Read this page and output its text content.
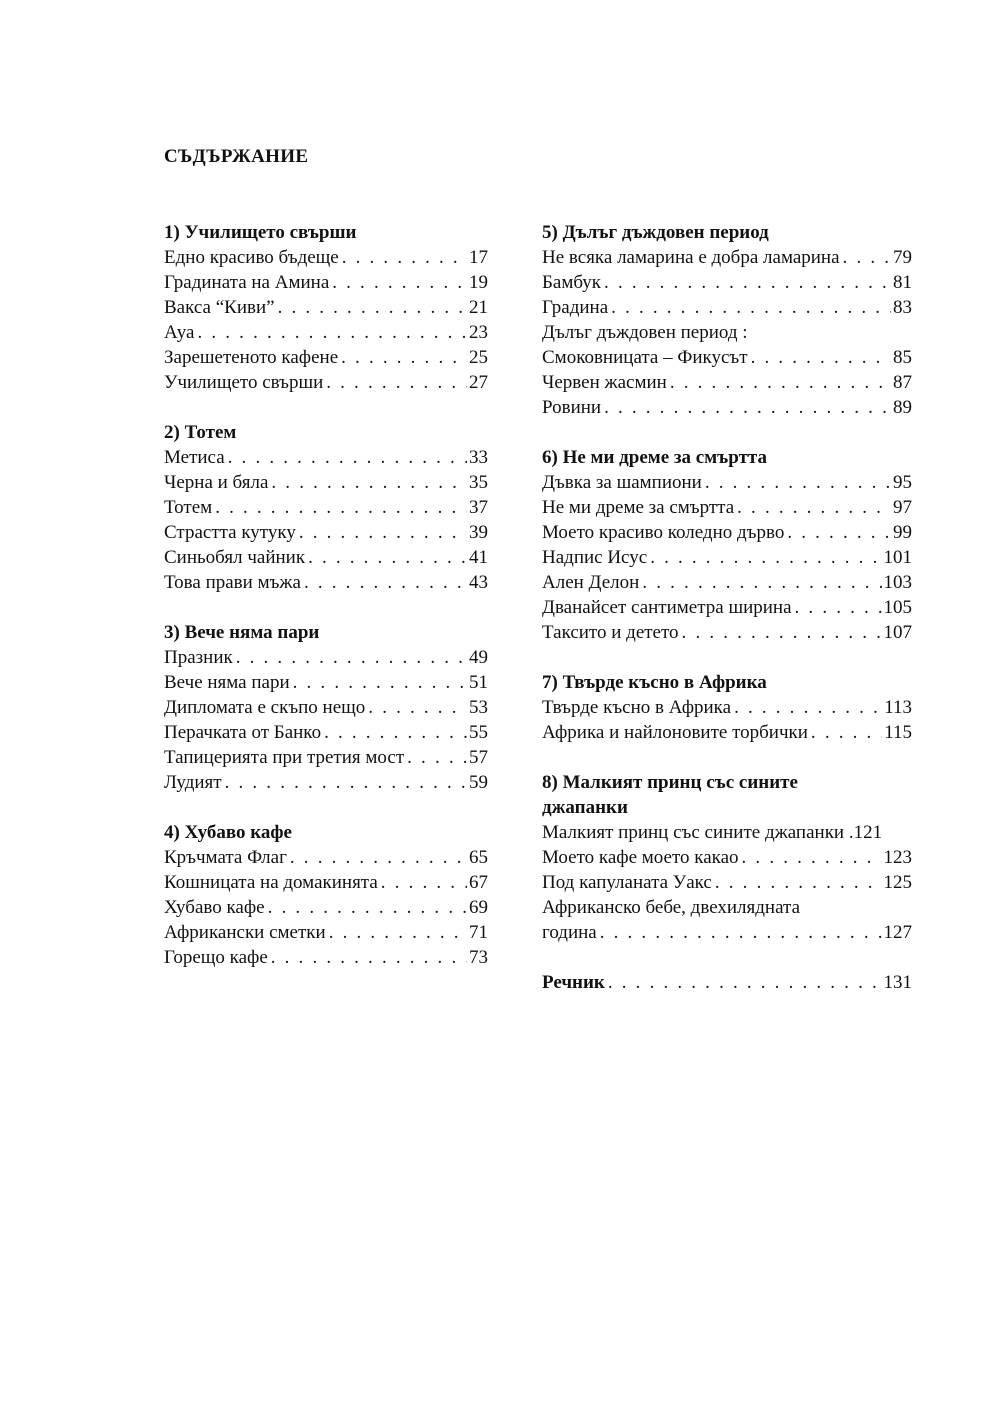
СЪДЪРЖАНИЕ
1) Училището свърши
Едно красиво бъдеще . . .	17
Градината на Амина . . .	19
Вакса “Киви” . . .	21
Ауа . . .	23
Зарешетеното кафене . . .	25
Училището свърши . . .	27
2) Тотем
Метиса . . .	33
Черна и бяла . . .	35
Тотем . . .	37
Страстта кутуку . . .	39
Синьобял чайник . . .	41
Това прави мъжа . . .	43
3) Вече няма пари
Празник . . .	49
Вече няма пари . . .	51
Дипломата е скъпо нещо . . .	53
Перачката от Банко . . .	55
Тапицерията при третия мост . . .	57
Лудият . . .	59
4) Хубаво кафе
Кръчмата Флаг . . .	65
Кошницата на домакинята . . .	67
Хубаво кафе . . .	69
Африкански сметки . . .	71
Горещо кафе . . .	73
5) Дълъг дъждовен период
Не всяка ламарина е добра ламарина . . .	79
Бамбук . . .	81
Градина . . .	83
Дълъг дъждовен период :
Смоковницата – Фикусът . . .	85
Червен жасмин . . .	87
Ровини . . .	89
6) Не ми дреме за смъртта
Дъвка за шампиони . . .	95
Не ми дреме за смъртта . . .	97
Моето красиво коледно дърво . . .	99
Надпис Исус . . .	101
Ален Делон . . .	103
Дванайсет сантиметра ширина . . .	105
Таксито и детето . . .	107
7) Твърде късно в Африка
Твърде късно в Африка . . .	113
Африка и найлоновите торбички . . .	115
8) Малкият принц със сините
джапанки
Малкият принц със сините джапанки .121
Моето кафе моето какао . . .	123
Под капуланата Уакс . . .	125
Африканско бебе, двехилядната
година . . .	127
Речник . . .	131
